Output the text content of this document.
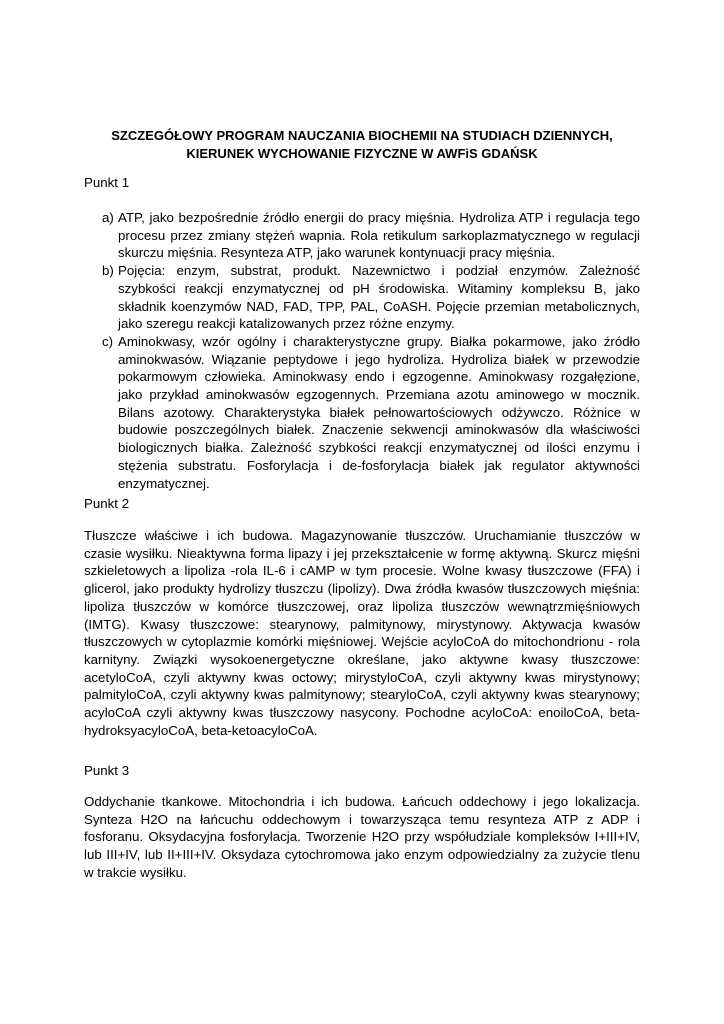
SZCZEGÓŁOWY PROGRAM NAUCZANIA BIOCHEMII NA STUDIACH DZIENNYCH,
KIERUNEK WYCHOWANIE FIZYCZNE W AWFiS GDAŃSK
Punkt 1
a) ATP, jako bezpośrednie źródło energii do pracy mięśnia. Hydroliza ATP i regulacja tego procesu przez zmiany stężeń wapnia. Rola retikulum sarkoplazmatycznego w regulacji skurczu mięśnia. Resynteza ATP, jako warunek kontynuacji pracy mięśnia.
b) Pojęcia: enzym, substrat, produkt. Nazewnictwo i podział enzymów. Zależność szybkości reakcji enzymatycznej od pH środowiska. Witaminy kompleksu B, jako składnik koenzymów NAD, FAD, TPP, PAL, CoASH. Pojęcie przemian metabolicznych, jako szeregu reakcji katalizowanych przez różne enzymy.
c) Aminokwasy, wzór ogólny i charakterystyczne grupy. Białka pokarmowe, jako źródło aminokwasów. Wiązanie peptydowe i jego hydroliza. Hydroliza białek w przewodzie pokarmowym człowieka. Aminokwasy endo i egzogenne. Aminokwasy rozgałęzione, jako przykład aminokwasów egzogennych. Przemiana azotu aminowego w mocznik. Bilans azotowy. Charakterystyka białek pełnowartościowych odżywczo. Różnice w budowie poszczególnych białek. Znaczenie sekwencji aminokwasów dla właściwości biologicznych białka. Zależność szybkości reakcji enzymatycznej od ilości enzymu i stężenia substratu. Fosforylacja i de-fosforylacja białek jak regulator aktywności enzymatycznej.
Punkt 2
Tłuszcze właściwe i ich budowa. Magazynowanie tłuszczów. Uruchamianie tłuszczów w czasie wysiłku. Nieaktywna forma lipazy i jej przekształcenie w formę aktywną. Skurcz mięśni szkieletowych a lipoliza -rola IL-6 i cAMP w tym procesie. Wolne kwasy tłuszczowe (FFA) i glicerol, jako produkty hydrolizy tłuszczu (lipolizy). Dwa źródła kwasów tłuszczowych mięśnia: lipoliza tłuszczów w komórce tłuszczowej, oraz lipoliza tłuszczów wewnątrzmięśniowych (IMTG). Kwasy tłuszczowe: stearynowy, palmitynowy, mirystynowy. Aktywacja kwasów tłuszczowych w cytoplazmie komórki mięśniowej. Wejście acyloCoA do mitochondrionu - rola karnityny. Związki wysokoenergetyczne określane, jako aktywne kwasy tłuszczowe: acetyloCoA, czyli aktywny kwas octowy; mirystyloCoA, czyli aktywny kwas mirystynowy; palmityloCoA, czyli aktywny kwas palmitynowy; stearyloCoA, czyli aktywny kwas stearynowy; acyloCoA czyli aktywny kwas tłuszczowy nasycony. Pochodne acyloCoA: enoiloCoA, beta-hydroksyacyloCoA, beta-ketoacyloCoA.
Punkt 3
Oddychanie tkankowe. Mitochondria i ich budowa. Łańcuch oddechowy i jego lokalizacja. Synteza H2O na łańcuchu oddechowym i towarzysząca temu resynteza ATP z ADP i fosforanu. Oksydacyjna fosforylacja. Tworzenie H2O przy współudziale kompleksów I+III+IV, lub III+IV, lub II+III+IV. Oksydaza cytochromowa jako enzym odpowiedzialny za zużycie tlenu w trakcie wysiłku.
